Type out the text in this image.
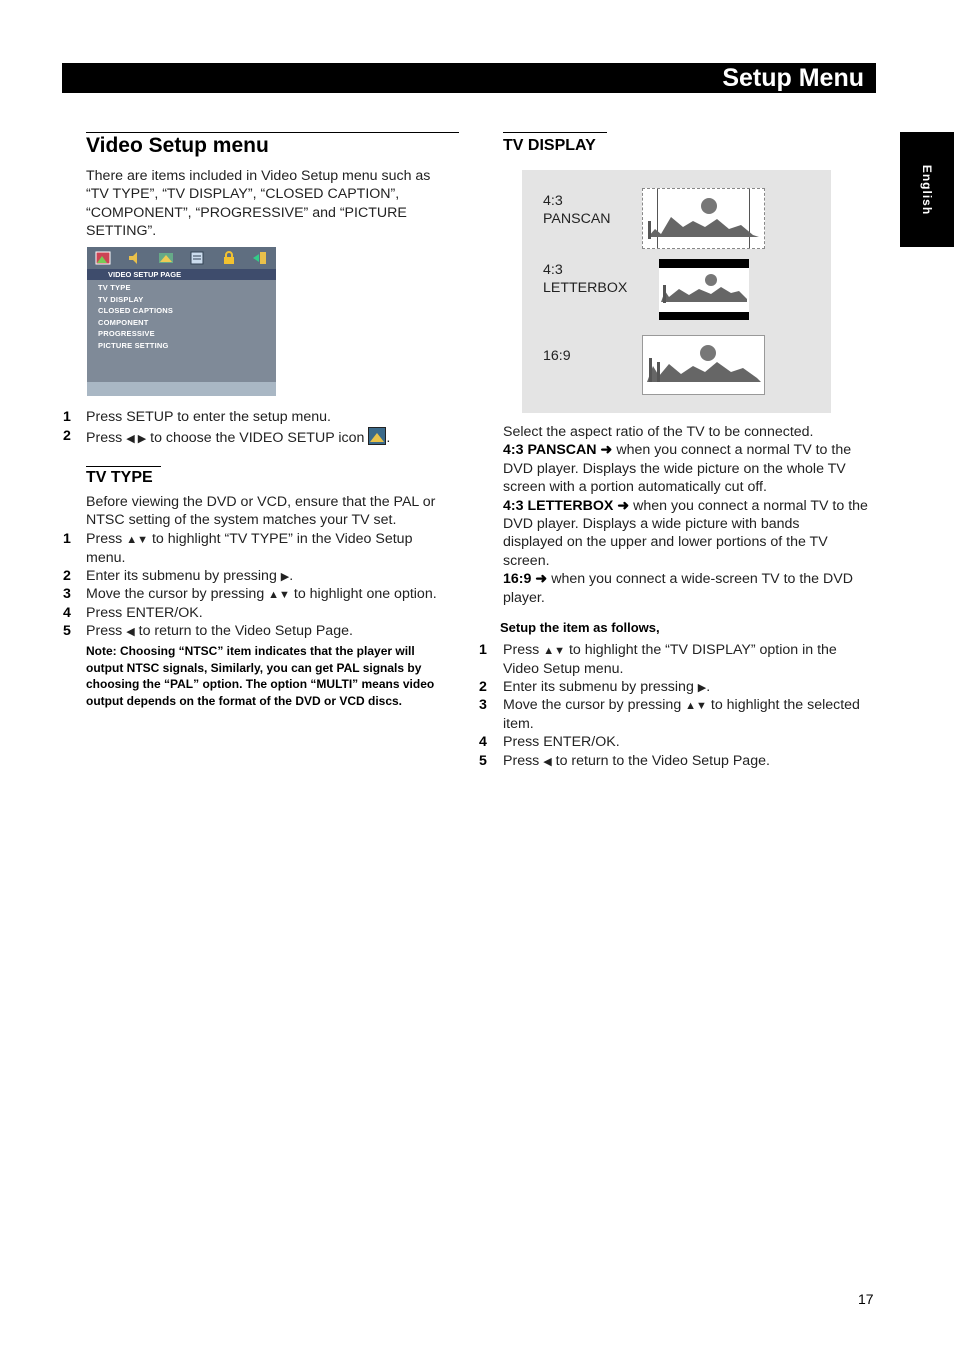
Setup Menu
English
Video Setup menu
There are items included in Video Setup menu such as
“TV TYPE”, “TV DISPLAY”, “CLOSED CAPTION”,
“COMPONENT”, “PROGRESSIVE” and “PICTURE
SETTING”.
VIDEO SETUP PAGE
TV TYPE
TV DISPLAY
CLOSED CAPTIONS
COMPONENT
PROGRESSIVE
PICTURE SETTING
1 Press SETUP to enter the setup menu.
2 Press ◀ ▶ to choose the VIDEO SETUP icon .
TV TYPE
Before viewing the DVD or VCD, ensure that the PAL or
NTSC setting of the system matches your TV set.
1 Press ▲▼ to highlight “TV TYPE” in the Video Setup
menu.
2 Enter its submenu by pressing ▶.
3 Move the cursor by pressing ▲▼ to highlight one option.
4 Press ENTER/OK.
5 Press ◀ to return to the Video Setup Page.
Note: Choosing “NTSC” item indicates that the player will
output NTSC signals, Similarly, you can get PAL signals by
choosing the “PAL” option. The option “MULTI” means video
output depends on the format of the DVD or VCD discs.
TV DISPLAY
4:3
PANSCAN
4:3
LETTERBOX
16:9
Select the aspect ratio of the TV to be connected.
4:3 PANSCAN ➜ when you connect a normal TV to the
DVD player. Displays the wide picture on the whole TV
screen with a portion automatically cut off.
4:3 LETTERBOX ➜ when you connect a normal TV to the
DVD player. Displays a wide picture with bands
displayed on the upper and lower portions of the TV
screen.
16:9 ➜ when you connect a wide-screen TV to the DVD
player.
Setup the item as follows,
1 Press ▲▼ to highlight the “TV DISPLAY” option in the
Video Setup menu.
2 Enter its submenu by pressing ▶.
3 Move the cursor by pressing ▲▼ to highlight the selected
item.
4 Press ENTER/OK.
5 Press ◀ to return to the Video Setup Page.
17
